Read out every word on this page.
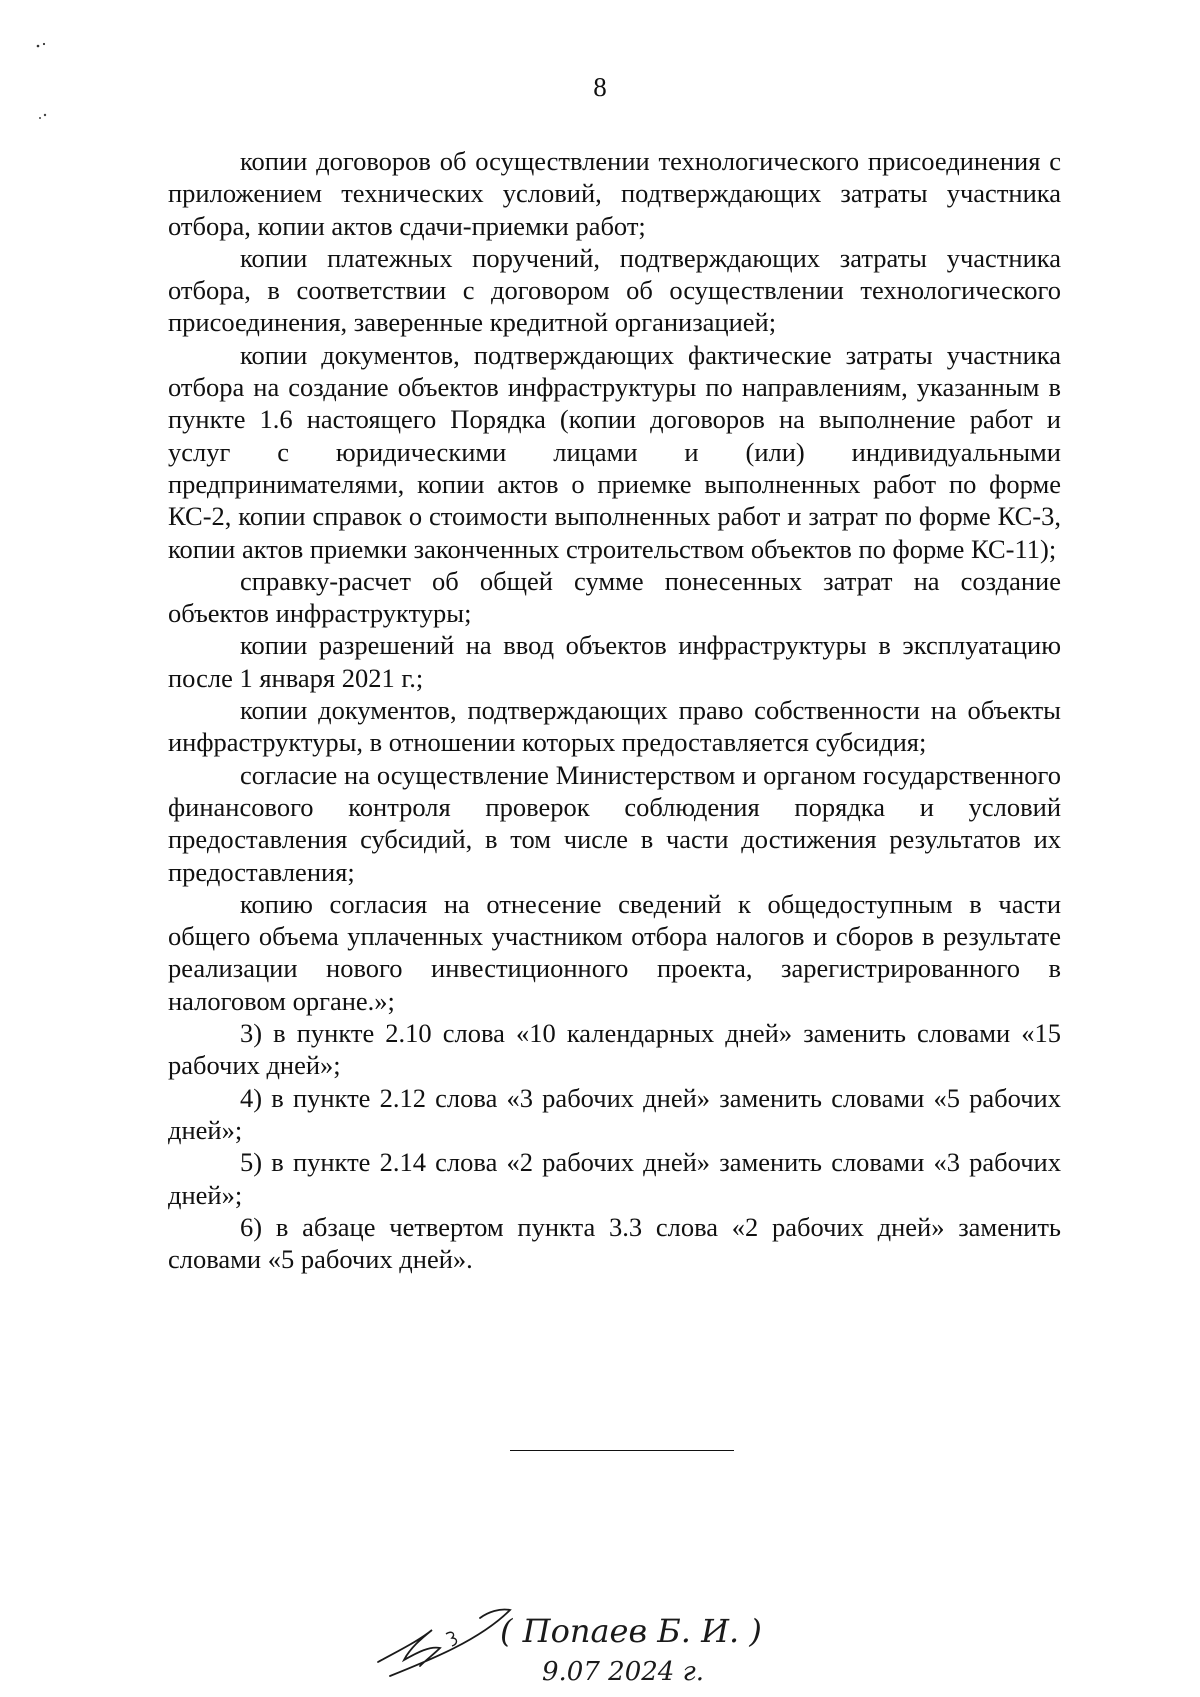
8

копии договоров об осуществлении технологического присоединения с приложением технических условий, подтверждающих затраты участника отбора, копии актов сдачи-приемки работ;

копии платежных поручений, подтверждающих затраты участника отбора, в соответствии с договором об осуществлении технологического присоединения, заверенные кредитной организацией;

копии документов, подтверждающих фактические затраты участника отбора на создание объектов инфраструктуры по направлениям, указанным в пункте 1.6 настоящего Порядка (копии договоров на выполнение работ и услуг с юридическими лицами и (или) индивидуальными предпринимателями, копии актов о приемке выполненных работ по форме КС-2, копии справок о стоимости выполненных работ и затрат по форме КС-3, копии актов приемки законченных строительством объектов по форме КС-11);

справку-расчет об общей сумме понесенных затрат на создание объектов инфраструктуры;

копии разрешений на ввод объектов инфраструктуры в эксплуатацию после 1 января 2021 г.;

копии документов, подтверждающих право собственности на объекты инфраструктуры, в отношении которых предоставляется субсидия;

согласие на осуществление Министерством и органом государственного финансового контроля проверок соблюдения порядка и условий предоставления субсидий, в том числе в части достижения результатов их предоставления;

копию согласия на отнесение сведений к общедоступным в части общего объема уплаченных участником отбора налогов и сборов в результате реализации нового инвестиционного проекта, зарегистрированного в налоговом органе.»;

3) в пункте 2.10 слова «10 календарных дней» заменить словами «15 рабочих дней»;

4) в пункте 2.12 слова «3 рабочих дней» заменить словами «5 рабочих дней»;

5) в пункте 2.14 слова «2 рабочих дней» заменить словами «3 рабочих дней»;

6) в абзаце четвертом пункта 3.3 слова «2 рабочих дней» заменить словами «5 рабочих дней».

( Попаев Б. И. )
9.07 2024 г.
